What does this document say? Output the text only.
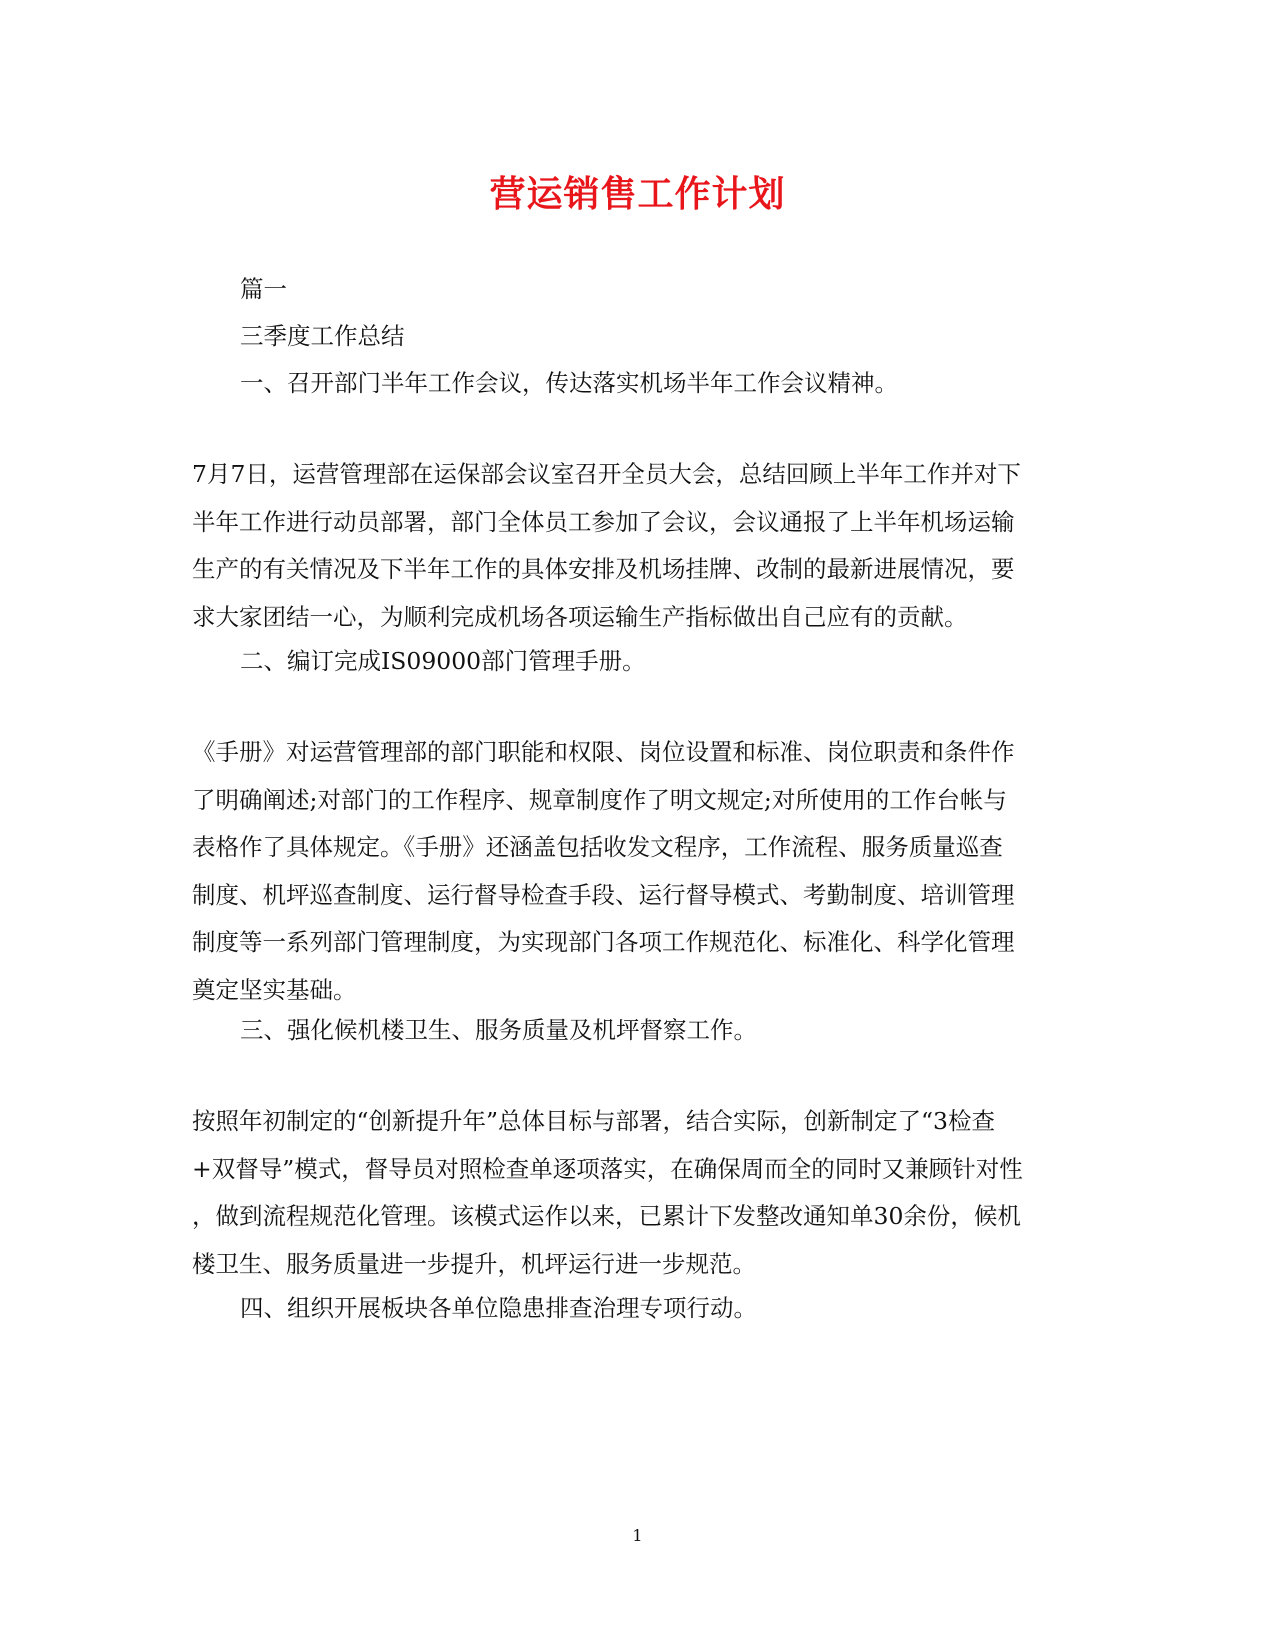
营运销售工作计划
篇一
三季度工作总结
一、召开部门半年工作会议，传达落实机场半年工作会议精神。
7月7日，运营管理部在运保部会议室召开全员大会，总结回顾上半年工作并对下
半年工作进行动员部署，部门全体员工参加了会议，会议通报了上半年机场运输
生产的有关情况及下半年工作的具体安排及机场挂牌、改制的最新进展情况，要
求大家团结一心，为顺利完成机场各项运输生产指标做出自己应有的贡献。
二、编订完成IS09000部门管理手册。
《手册》对运营管理部的部门职能和权限、岗位设置和标准、岗位职责和条件作
了明确阐述;对部门的工作程序、规章制度作了明文规定;对所使用的工作台帐与
表格作了具体规定。《手册》还涵盖包括收发文程序，工作流程、服务质量巡查
制度、机坪巡查制度、运行督导检查手段、运行督导模式、考勤制度、培训管理
制度等一系列部门管理制度，为实现部门各项工作规范化、标准化、科学化管理
奠定坚实基础。
三、强化候机楼卫生、服务质量及机坪督察工作。
按照年初制定的“创新提升年”总体目标与部署，结合实际，创新制定了“3检查
+双督导”模式，督导员对照检查单逐项落实，在确保周而全的同时又兼顾针对性
，做到流程规范化管理。该模式运作以来，已累计下发整改通知单30余份，候机
楼卫生、服务质量进一步提升，机坪运行进一步规范。
四、组织开展板块各单位隐患排查治理专项行动。
1
